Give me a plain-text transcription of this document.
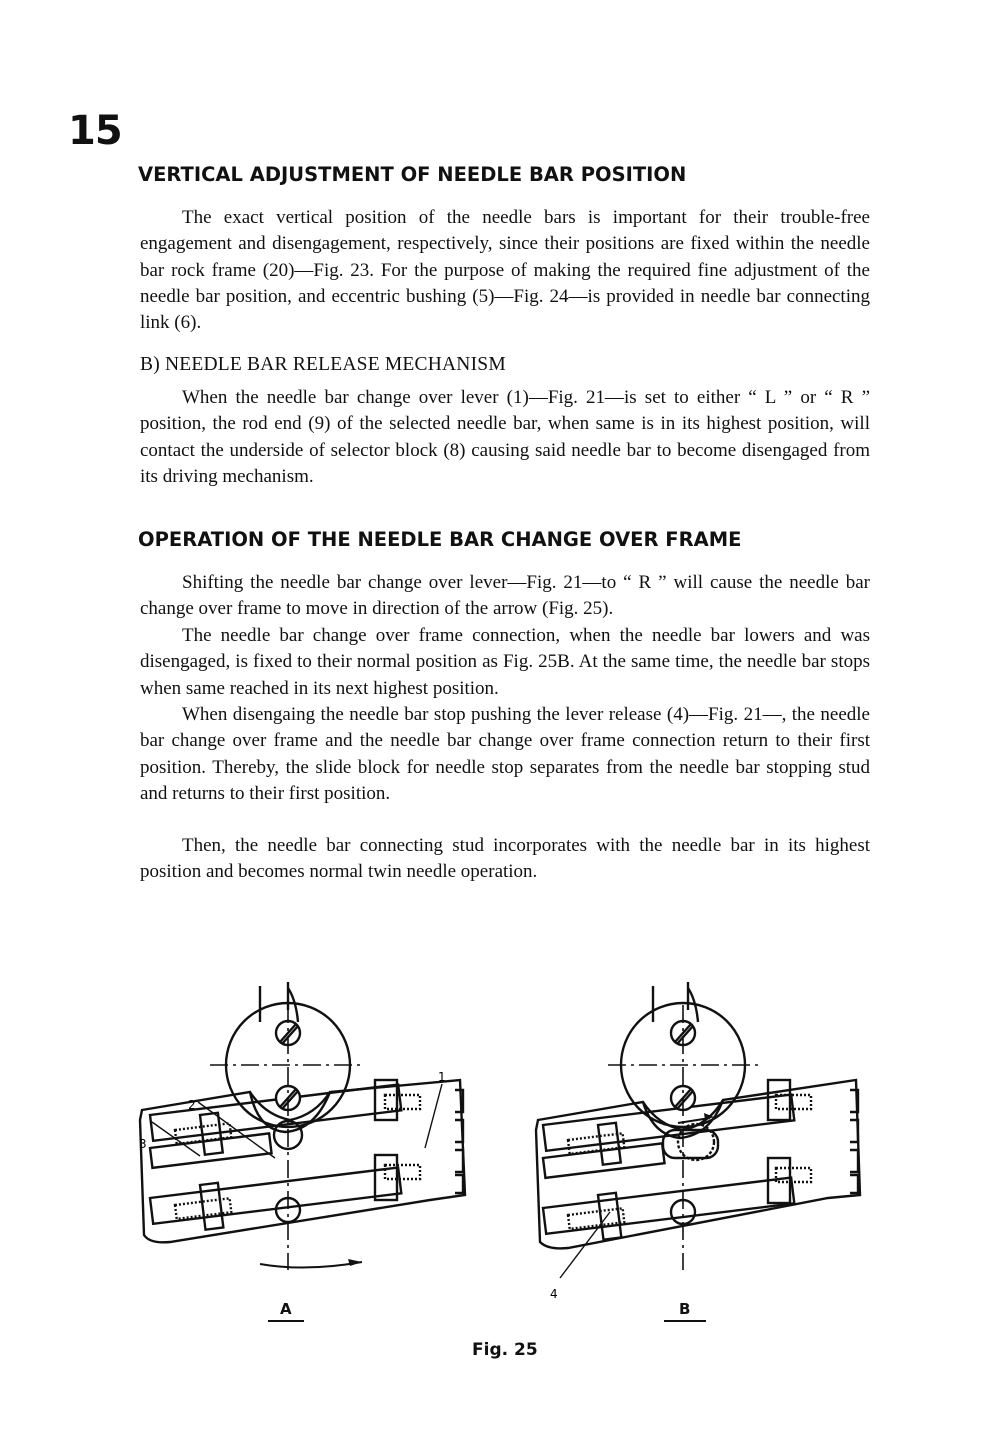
15
VERTICAL ADJUSTMENT OF NEEDLE BAR POSITION

The exact vertical position of the needle bars is important for their trouble-free engagement and disengagement, respectively, since their positions are fixed within the needle bar rock frame (20)—Fig. 23. For the purpose of making the required fine adjustment of the needle bar position, and eccentric bushing (5)—Fig. 24—is provided in needle bar connecting link (6).

B) NEEDLE BAR RELEASE MECHANISM

When the needle bar change over lever (1)—Fig. 21—is set to either “ L ” or “ R ” position, the rod end (9) of the selected needle bar, when same is in its highest position, will contact the underside of selector block (8) causing said needle bar to become disengaged from its driving mechanism.

OPERATION OF THE NEEDLE BAR CHANGE OVER FRAME

Shifting the needle bar change over lever—Fig. 21—to “ R ” will cause the needle bar change over frame to move in direction of the arrow (Fig. 25).

The needle bar change over frame connection, when the needle bar lowers and was disengaged, is fixed to their normal position as Fig. 25B. At the same time, the needle bar stops when same reached in its next highest position.

When disengaing the needle bar stop pushing the lever release (4)—Fig. 21—, the needle bar change over frame and the needle bar change over frame connection return to their first position. Thereby, the slide block for needle stop separates from the needle bar stopping stud and returns to their first position.

Then, the needle bar connecting stud incorporates with the needle bar in its highest position and becomes normal twin needle operation.

1
2
3
4
A	B
Fig. 25
